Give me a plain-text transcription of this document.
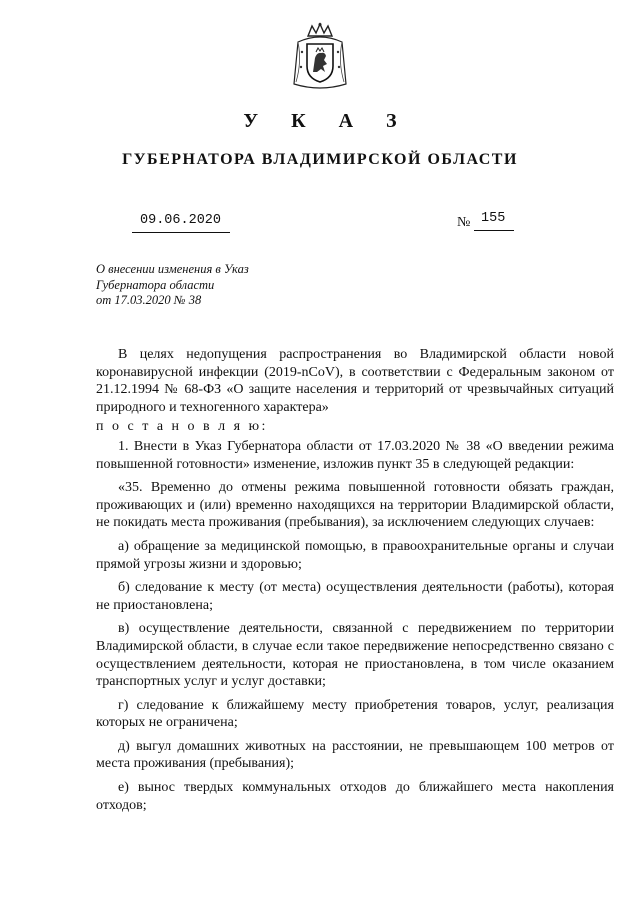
У К А З
ГУБЕРНАТОРА ВЛАДИМИРСКОЙ ОБЛАСТИ
09.06.2020	№ 155
О внесении изменения в Указ
Губернатора области
от 17.03.2020 № 38

В целях недопущения распространения во Владимирской области новой коронавирусной инфекции (2019-nCoV), в соответствии с Федеральным законом от 21.12.1994 № 68-ФЗ «О защите населения и территорий от чрезвычайных ситуаций природного и техногенного характера»

п о с т а н о в л я ю:

1. Внести в Указ Губернатора области от 17.03.2020 № 38 «О введении режима повышенной готовности» изменение, изложив пункт 35 в следующей редакции:

«35. Временно до отмены режима повышенной готовности обязать граждан, проживающих и (или) временно находящихся на территории Владимирской области, не покидать места проживания (пребывания), за исключением следующих случаев:

а) обращение за медицинской помощью, в правоохранительные органы и случаи прямой угрозы жизни и здоровью;

б) следование к месту (от места) осуществления деятельности (работы), которая не приостановлена;

в) осуществление деятельности, связанной с передвижением по территории Владимирской области, в случае если такое передвижение непосредственно связано с осуществлением деятельности, которая не приостановлена, в том числе оказанием транспортных услуг и услуг доставки;

г) следование к ближайшему месту приобретения товаров, услуг, реализация которых не ограничена;

д) выгул домашних животных на расстоянии, не превышающем 100 метров от места проживания (пребывания);

е) вынос твердых коммунальных отходов до ближайшего места накопления отходов;
